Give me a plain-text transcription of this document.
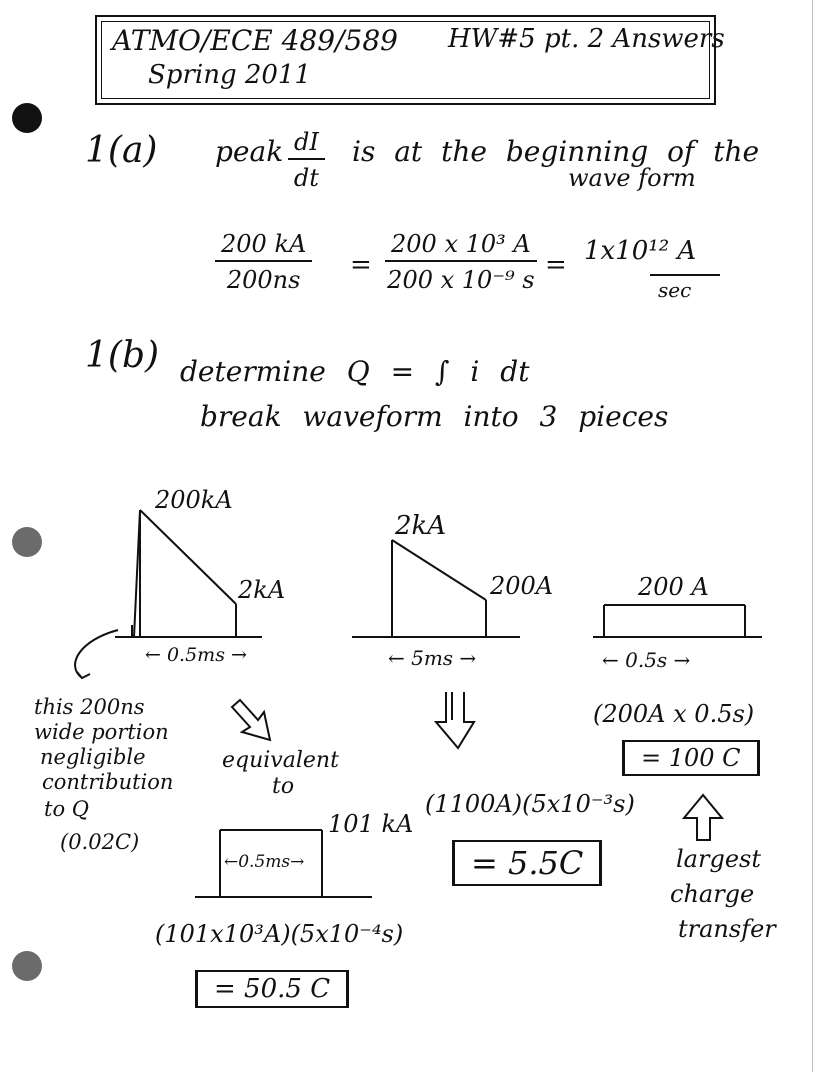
ATMO/ECE 489/589 HW#5 pt. 2 Answers
Spring 2011
1(a) peak $\frac{dI}{dt}$ is at the beginning of the
wave form
$\frac{200 kA}{200ns} = \frac{\text{200 x 10³ A}}{\text{200 x 10⁻⁹ s}} = 1x10^{12}$ A
sec
1(b) determine Q = ∫ i dt
break waveform into 3 pieces
200kA
2kA
← 0.5ms →
2kA
200A
← 5ms →
200 A
← 0.5s →
this 200ns
wide portion
negligible
contribution
to Q
(0.02C)
equivalent
to
101 kA
←0.5ms→
(101x10³A)(5x10⁻⁴s)
= 50.5 C
(1100A)(5x10⁻³s)
= 5.5C
(200A x 0.5s)
= 100 C
largest
charge
transfer
